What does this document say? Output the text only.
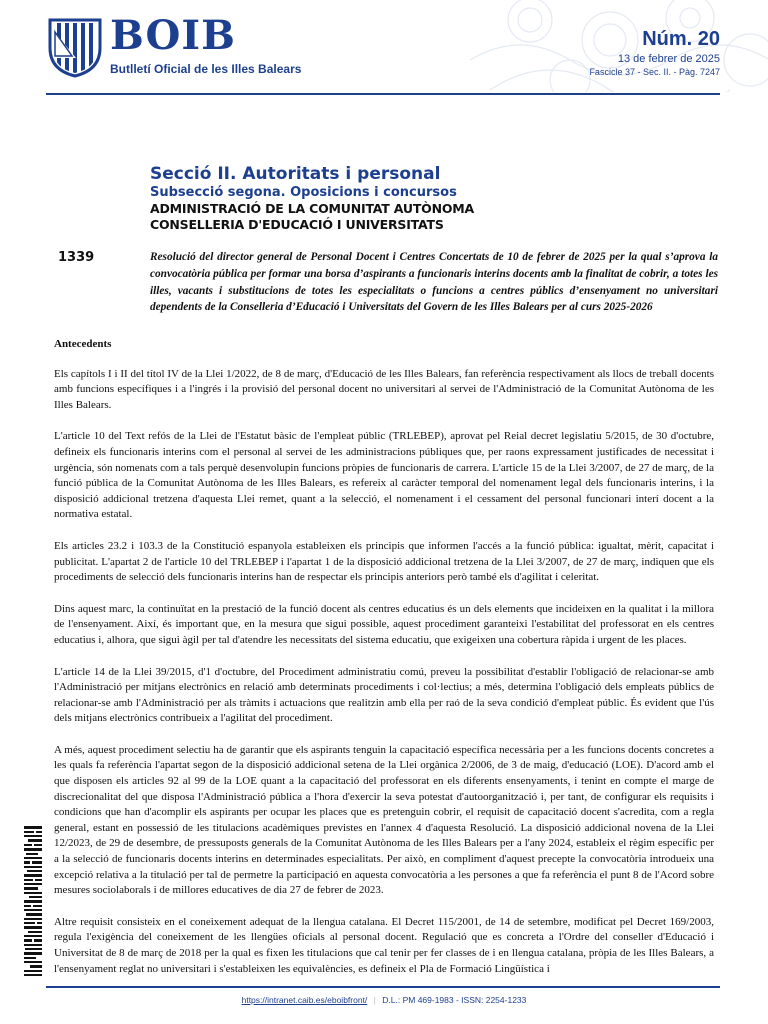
BOIB
Butlletí Oficial de les Illes Balears
Núm. 20
13 de febrer de 2025
Fascicle 37 - Sec. II. - Pàg. 7247
Secció II. Autoritats i personal
Subsecció segona. Oposicions i concursos
ADMINISTRACIÓ DE LA COMUNITAT AUTÒNOMA
CONSELLERIA D'EDUCACIÓ I UNIVERSITATS
1339	Resolució del director general de Personal Docent i Centres Concertats de 10 de febrer de 2025 per la qual s’aprova la convocatòria pública per formar una borsa d’aspirants a funcionaris interins docents amb la finalitat de cobrir, a totes les illes, vacants i substitucions de totes les especialitats o funcions a centres públics d’ensenyament no universitari dependents de la Conselleria d’Educació i Universitats del Govern de les Illes Balears per al curs 2025-2026
Antecedents

Els capítols I i II del títol IV de la Llei 1/2022, de 8 de març, d'Educació de les Illes Balears, fan referència respectivament als llocs de treball docents amb funcions específiques i a l'ingrés i la provisió del personal docent no universitari al servei de l'Administració de la Comunitat Autònoma de les Illes Balears.

L'article 10 del Text refós de la Llei de l'Estatut bàsic de l'empleat públic (TRLEBEP), aprovat pel Reial decret legislatiu 5/2015, de 30 d'octubre, defineix els funcionaris interins com el personal al servei de les administracions públiques que, per raons expressament justificades de necessitat i urgència, són nomenats com a tals perquè desenvolupin funcions pròpies de funcionaris de carrera. L'article 15 de la Llei 3/2007, de 27 de març, de la funció pública de la Comunitat Autònoma de les Illes Balears, es refereix al caràcter temporal del nomenament legal dels funcionaris interins, i la disposició addicional tretzena d'aquesta Llei remet, quant a la selecció, el nomenament i el cessament del personal funcionari interí docent a la normativa estatal.

Els articles 23.2 i 103.3 de la Constitució espanyola estableixen els principis que informen l'accés a la funció pública: igualtat, mèrit, capacitat i publicitat. L'apartat 2 de l'article 10 del TRLEBEP i l'apartat 1 de la disposició addicional tretzena de la Llei 3/2007, de 27 de març, indiquen que els procediments de selecció dels funcionaris interins han de respectar els principis anteriors però també els d'agilitat i celeritat.

Dins aquest marc, la continuïtat en la prestació de la funció docent als centres educatius és un dels elements que incideixen en la qualitat i la millora de l'ensenyament. Així, és important que, en la mesura que sigui possible, aquest procediment garanteixi l'estabilitat del professorat en els centres educatius i, alhora, que sigui àgil per tal d'atendre les necessitats del sistema educatiu, que exigeixen una cobertura ràpida i urgent de les places.

L'article 14 de la Llei 39/2015, d'1 d'octubre, del Procediment administratiu comú, preveu la possibilitat d'establir l'obligació de relacionar-se amb l'Administració per mitjans electrònics en relació amb determinats procediments i col·lectius; a més, determina l'obligació dels empleats públics de relacionar-se amb l'Administració per als tràmits i actuacions que realitzin amb ella per raó de la seva condició d'empleat públic. És evident que l'ús dels mitjans electrònics contribueix a l'agilitat del procediment.

A més, aquest procediment selectiu ha de garantir que els aspirants tenguin la capacitació específica necessària per a les funcions docents concretes a les quals fa referència l'apartat segon de la disposició addicional setena de la Llei orgànica 2/2006, de 3 de maig, d'educació (LOE). D'acord amb el que disposen els articles 92 al 99 de la LOE quant a la capacitació del professorat en els diferents ensenyaments, i tenint en compte el marge de discrecionalitat del que disposa l'Administració pública a l'hora d'exercir la seva potestat d'autoorganització i, per tant, de configurar els requisits i condicions que han d'acomplir els aspirants per ocupar les places que es pretenguin cobrir, el requisit de capacitació docent s'acredita, com a regla general, estant en possessió de les titulacions acadèmiques previstes en l'annex 4 d'aquesta Resolució. La disposició addicional novena de la Llei 12/2023, de 29 de desembre, de pressuposts generals de la Comunitat Autònoma de les Illes Balears per a l'any 2024, estableix el règim específic per a la selecció de funcionaris docents interins en determinades especialitats. Per això, en compliment d'aquest precepte la convocatòria introdueix una excepció relativa a la titulació per tal de permetre la participació en aquesta convocatòria a les persones a que fa referència el punt 8 de l'Acord sobre mesures sociolaborals i de millores educatives de dia 27 de febrer de 2023.

Altre requisit consisteix en el coneixement adequat de la llengua catalana. El Decret 115/2001, de 14 de setembre, modificat pel Decret 169/2003, regula l'exigència del coneixement de les llengües oficials al personal docent. Regulació que es concreta a l'Ordre del conseller d'Educació i Universitat de 8 de març de 2018 per la qual es fixen les titulacions que cal tenir per fer classes de i en llengua catalana, pròpia de les Illes Balears, a l'ensenyament reglat no universitari i s'estableixen les equivalències, es defineix el Pla de Formació Lingüística i

https://intranet.caib.es/eboibfront/ | D.L.: PM 469-1983 - ISSN: 2254-1233
